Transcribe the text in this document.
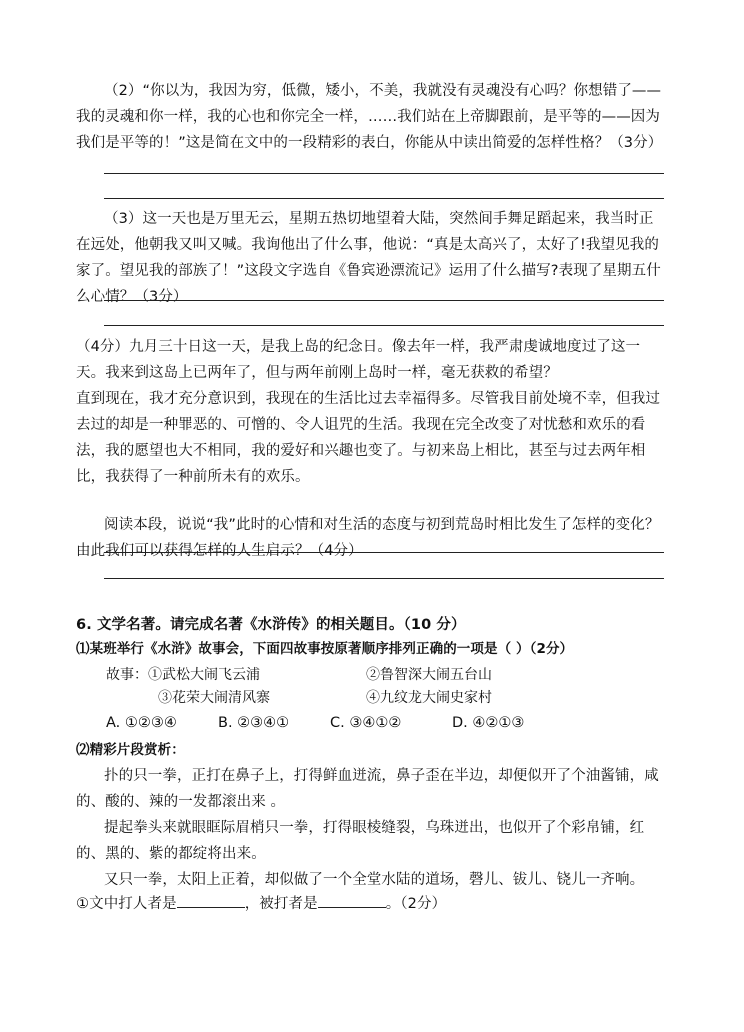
（2）“你以为，我因为穷，低微，矮小，不美，我就没有灵魂没有心吗？你想错了——我的灵魂和你一样，我的心也和你完全一样，……我们站在上帝脚跟前，是平等的——因为我们是平等的！”这是简在文中的一段精彩的表白，你能从中读出简爱的怎样性格？（3分）

（3）这一天也是万里无云，星期五热切地望着大陆，突然间手舞足蹈起来，我当时正在远处，他朝我又叫又喊。我询他出了什么事，他说：“真是太高兴了，太好了!我望见我的家了。望见我的部族了！”这段文字选自《鲁宾逊漂流记》运用了什么描写?表现了星期五什么心情？（3分）

（4分）九月三十日这一天，是我上岛的纪念日。像去年一样，我严肃虔诚地度过了这一天。我来到这岛上已两年了，但与两年前刚上岛时一样，毫无获救的希望？

直到现在，我才充分意识到，我现在的生活比过去幸福得多。尽管我目前处境不幸，但我过去过的却是一种罪恶的、可憎的、令人诅咒的生活。我现在完全改变了对忧愁和欢乐的看法，我的愿望也大不相同，我的爱好和兴趣也变了。与初来岛上相比，甚至与过去两年相比，我获得了一种前所未有的欢乐。

阅读本段，说说“我”此时的心情和对生活的态度与初到荒岛时相比发生了怎样的变化？由此我们可以获得怎样的人生启示？（4分）

6. 文学名著。请完成名著《水浒传》的相关题目。（10 分）

⑴某班举行《水浒》故事会，下面四故事按原著顺序排列正确的一项是（ ）（2分）

故事：①武松大闹飞云浦	②鲁智深大闹五台山
③花荣大闹清风寨	④九纹龙大闹史家村
A. ①②③④	B. ②③④①	C. ③④①②	D. ④②①③

⑵精彩片段赏析：

扑的只一拳，正打在鼻子上，打得鲜血迸流，鼻子歪在半边，却便似开了个油酱铺，咸的、酸的、辣的一发都滚出来 。

提起拳头来就眼眶际眉梢只一拳，打得眼棱缝裂，乌珠迸出，也似开了个彩帛铺，红的、黑的、紫的都绽将出来。

又只一拳，太阳上正着，却似做了一个全堂水陆的道场，磬儿、钹儿、铙儿一齐响。

①文中打人者是	，被打者是	。（2分）
